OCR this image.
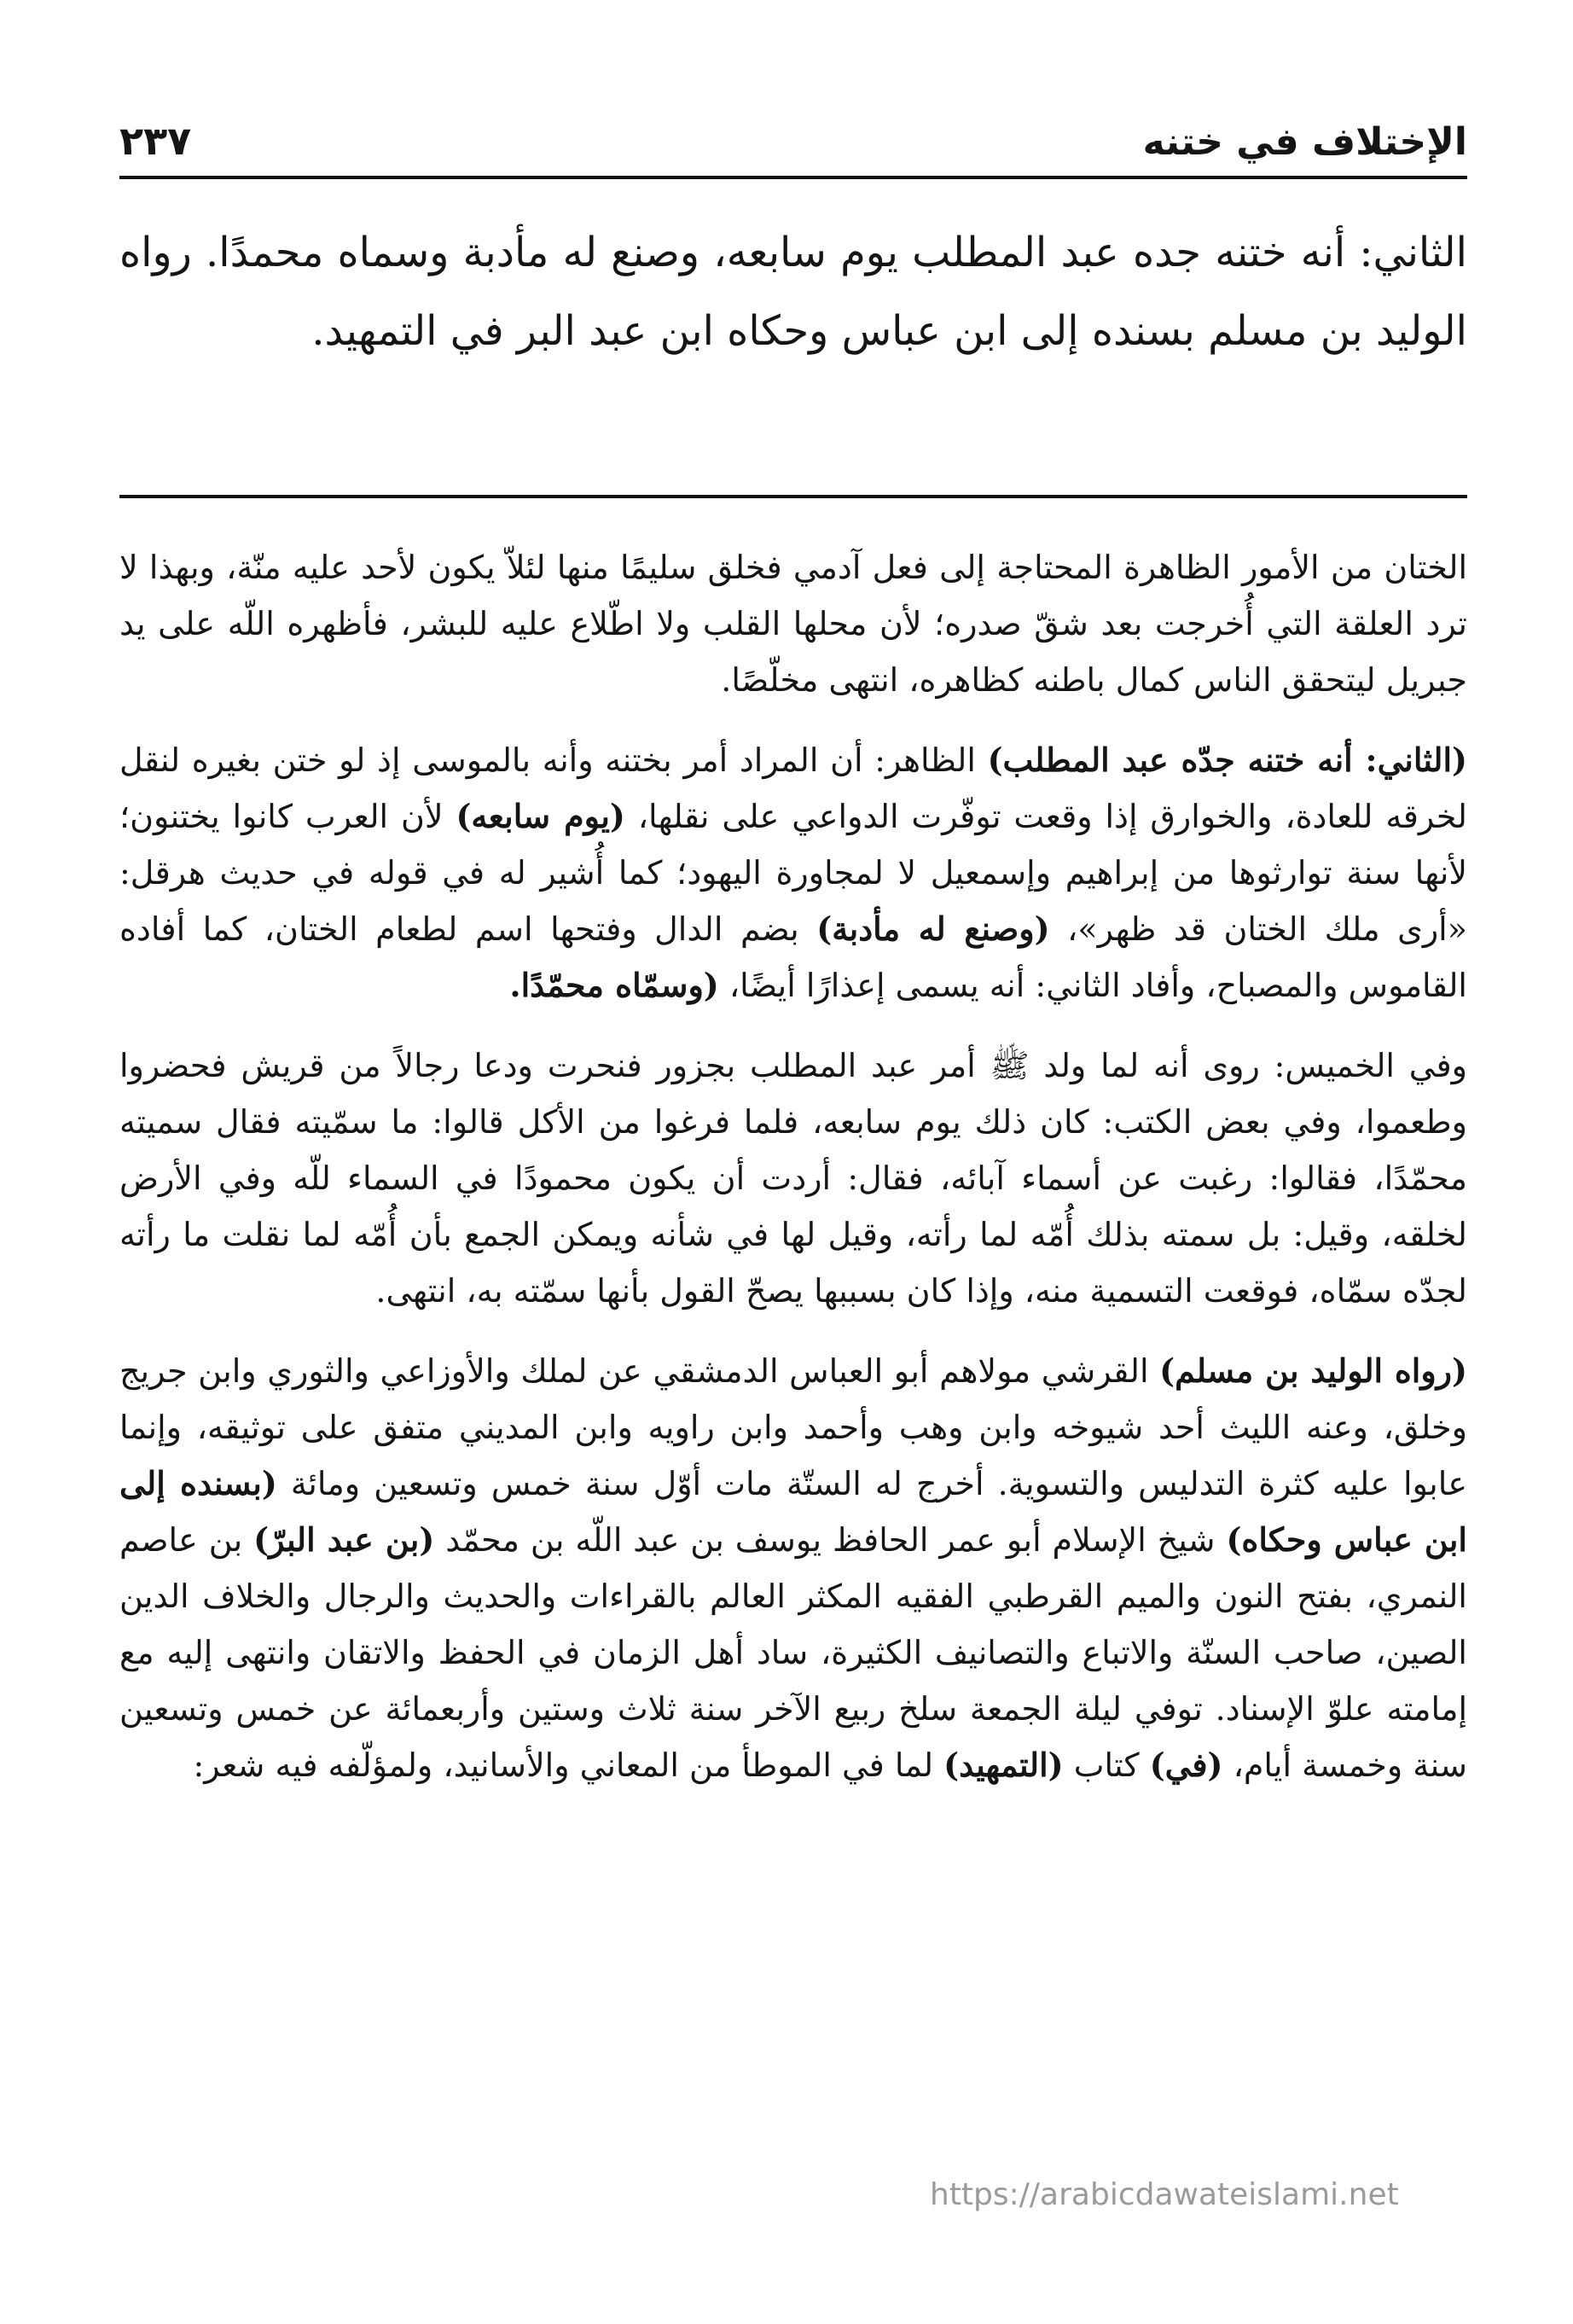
الإختلاف في ختنه
٢٣٧

الثاني: أنه ختنه جده عبد المطلب يوم سابعه، وصنع له مأدبة وسماه محمدًا. رواه الوليد بن مسلم بسنده إلى ابن عباس وحكاه ابن عبد البر في التمهيد.

الختان من الأمور الظاهرة المحتاجة إلى فعل آدمي فخلق سليمًا منها لئلاّ يكون لأحد عليه منّة، وبهذا لا ترد العلقة التي أُخرجت بعد شقّ صدره؛ لأن محلها القلب ولا اطّلاع عليه للبشر، فأظهره اللّه على يد جبريل ليتحقق الناس كمال باطنه كظاهره، انتهى مخلّصًا.

(الثاني: أنه ختنه جدّه عبد المطلب) الظاهر: أن المراد أمر بختنه وأنه بالموسى إذ لو ختن بغيره لنقل لخرقه للعادة، والخوارق إذا وقعت توفّرت الدواعي على نقلها، (يوم سابعه) لأن العرب كانوا يختنون؛ لأنها سنة توارثوها من إبراهيم وإسمعيل لا لمجاورة اليهود؛ كما أُشير له في قوله في حديث هرقل: «أرى ملك الختان قد ظهر»، (وصنع له مأدبة) بضم الدال وفتحها اسم لطعام الختان، كما أفاده القاموس والمصباح، وأفاد الثاني: أنه يسمى إعذارًا أيضًا، (وسمّاه محمّدًا.

وفي الخميس: روى أنه لما ولد ﷺ أمر عبد المطلب بجزور فنحرت ودعا رجالاً من قريش فحضروا وطعموا، وفي بعض الكتب: كان ذلك يوم سابعه، فلما فرغوا من الأكل قالوا: ما سمّيته فقال سميته محمّدًا، فقالوا: رغبت عن أسماء آبائه، فقال: أردت أن يكون محمودًا في السماء للّه وفي الأرض لخلقه، وقيل: بل سمته بذلك أُمّه لما رأته، وقيل لها في شأنه ويمكن الجمع بأن أُمّه لما نقلت ما رأته لجدّه سمّاه، فوقعت التسمية منه، وإذا كان بسببها يصحّ القول بأنها سمّته به، انتهى.

(رواه الوليد بن مسلم) القرشي مولاهم أبو العباس الدمشقي عن لملك والأوزاعي والثوري وابن جريج وخلق، وعنه الليث أحد شيوخه وابن وهب وأحمد وابن راويه وابن المديني متفق على توثيقه، وإنما عابوا عليه كثرة التدليس والتسوية. أخرج له الستّة مات أوّل سنة خمس وتسعين ومائة (بسنده إلى ابن عباس وحكاه) شيخ الإسلام أبو عمر الحافظ يوسف بن عبد اللّه بن محمّد (بن عبد البرّ) بن عاصم النمري، بفتح النون والميم القرطبي الفقيه المكثر العالم بالقراءات والحديث والرجال والخلاف الدين الصين، صاحب السنّة والاتباع والتصانيف الكثيرة، ساد أهل الزمان في الحفظ والاتقان وانتهى إليه مع إمامته علوّ الإسناد. توفي ليلة الجمعة سلخ ربيع الآخر سنة ثلاث وستين وأربعمائة عن خمس وتسعين سنة وخمسة أيام، (في) كتاب (التمهيد) لما في الموطأ من المعاني والأسانيد، ولمؤلّفه فيه شعر:

https://arabicdawateislami.net
